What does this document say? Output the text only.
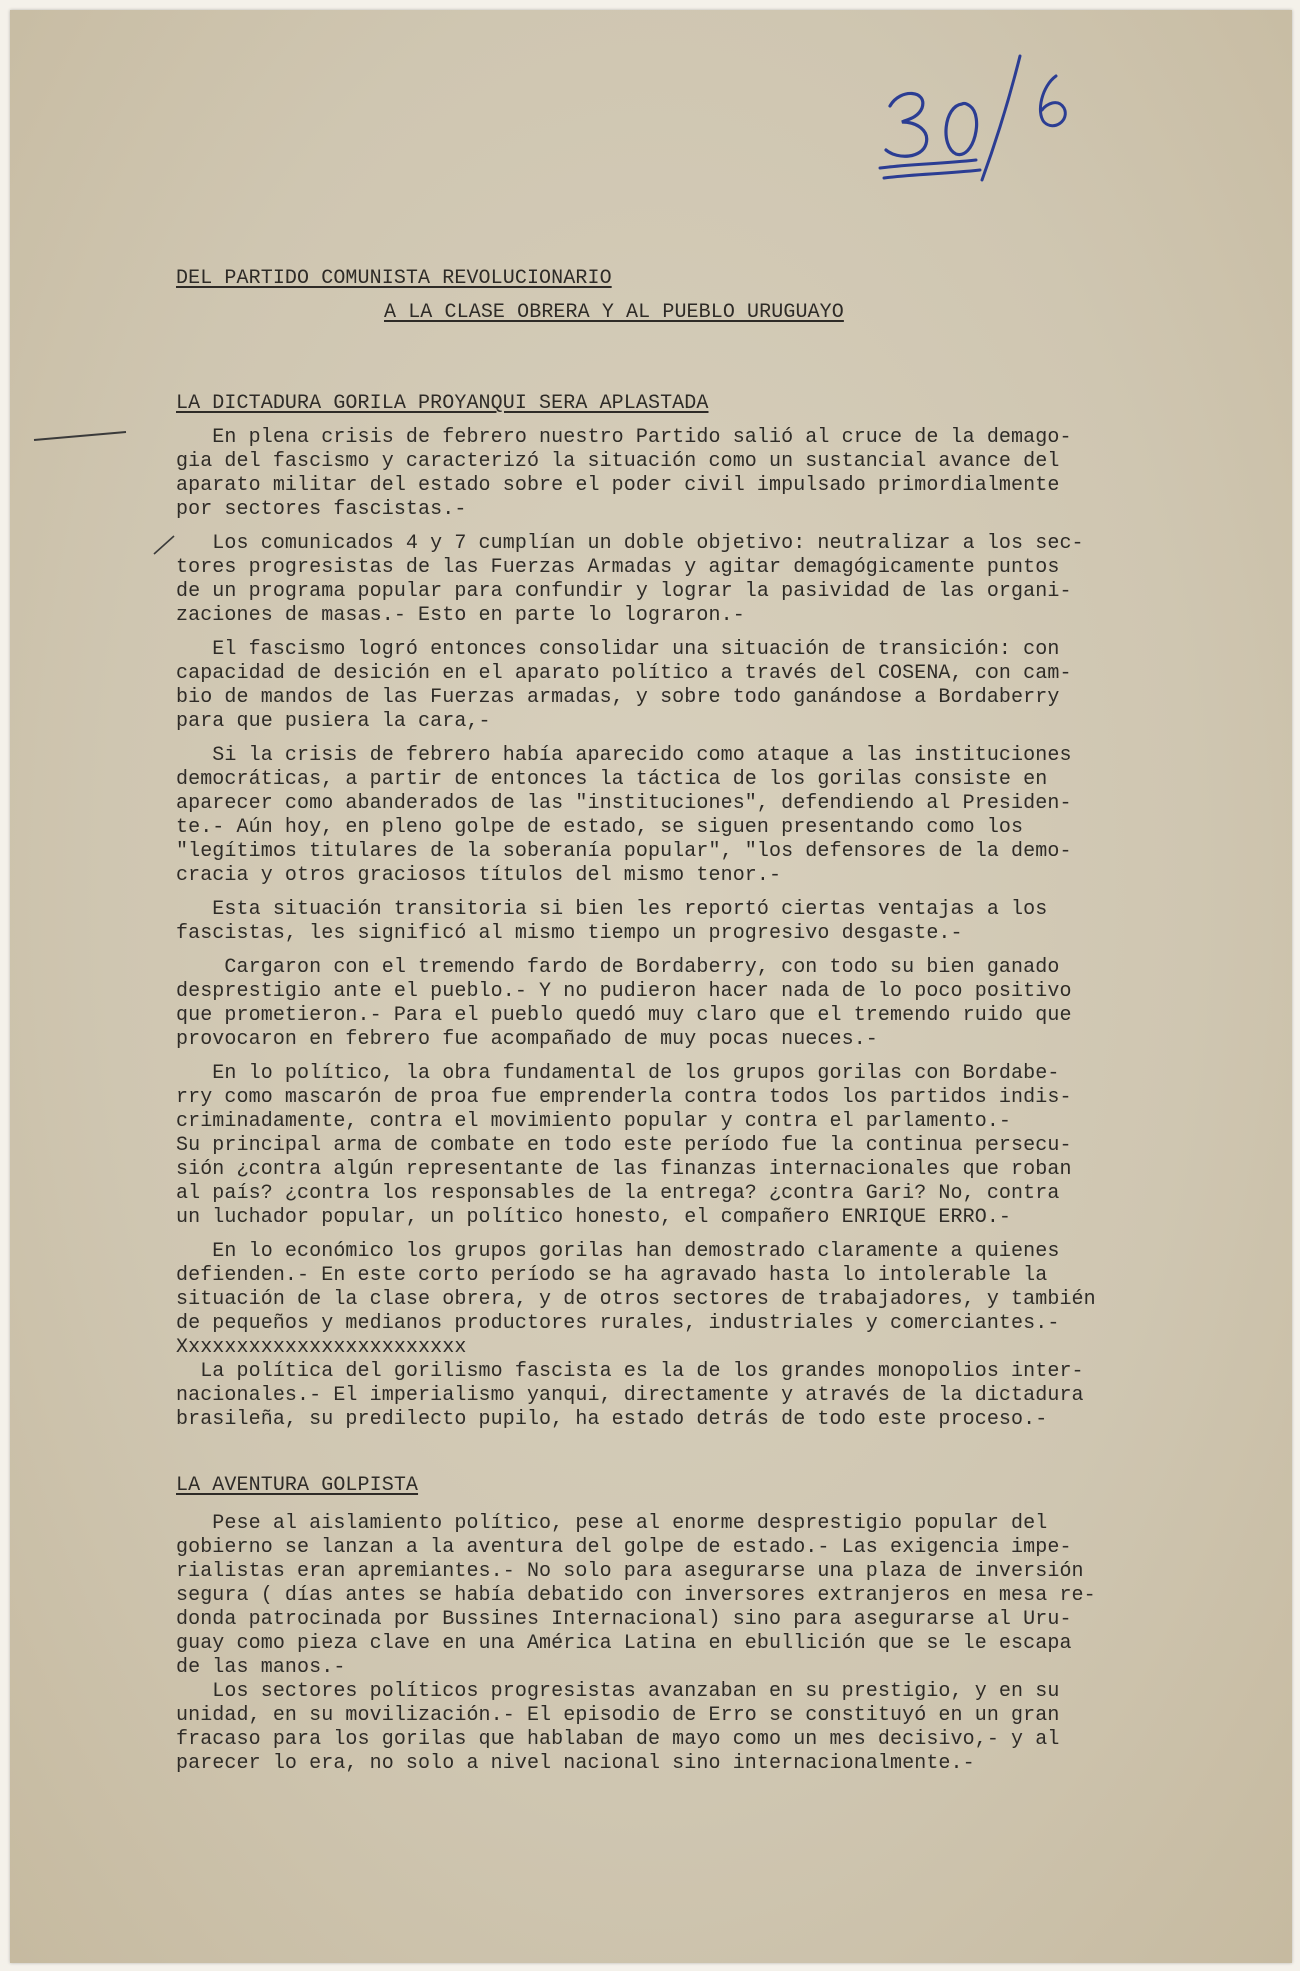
DEL PARTIDO COMUNISTA REVOLUCIONARIO

A LA CLASE OBRERA Y AL PUEBLO URUGUAYO

LA DICTADURA GORILA PROYANQUI SERA APLASTADA

En plena crisis de febrero nuestro Partido salió al cruce de la demago-
gia del fascismo y caracterizó la situación como un sustancial avance del
aparato militar del estado sobre el poder civil impulsado primordialmente
por sectores fascistas.-

Los comunicados 4 y 7 cumplían un doble objetivo: neutralizar a los sec-
tores progresistas de las Fuerzas Armadas y agitar demagógicamente puntos
de un programa popular para confundir y lograr la pasividad de las organi-
zaciones de masas.- Esto en parte lo lograron.-

El fascismo logró entonces consolidar una situación de transición: con
capacidad de desición en el aparato político a través del COSENA, con cam-
bio de mandos de las Fuerzas armadas, y sobre todo ganándose a Bordaberry
para que pusiera la cara,-

Si la crisis de febrero había aparecido como ataque a las instituciones
democráticas, a partir de entonces la táctica de los gorilas consiste en
aparecer como abanderados de las "instituciones", defendiendo al Presiden-
te.- Aún hoy, en pleno golpe de estado, se siguen presentando como los
"legítimos titulares de la soberanía popular", "los defensores de la demo-
cracia y otros graciosos títulos del mismo tenor.-

Esta situación transitoria si bien les reportó ciertas ventajas a los
fascistas, les significó al mismo tiempo un progresivo desgaste.-

Cargaron con el tremendo fardo de Bordaberry, con todo su bien ganado
desprestigio ante el pueblo.- Y no pudieron hacer nada de lo poco positivo
que prometieron.- Para el pueblo quedó muy claro que el tremendo ruido que
provocaron en febrero fue acompañado de muy pocas nueces.-

En lo político, la obra fundamental de los grupos gorilas con Bordabe-
rry como mascarón de proa fue emprenderla contra todos los partidos indis-
criminadamente, contra el movimiento popular y contra el parlamento.-
Su principal arma de combate en todo este período fue la continua persecu-
sión ¿contra algún representante de las finanzas internacionales que roban
al país? ¿contra los responsables de la entrega? ¿contra Gari? No, contra
un luchador popular, un político honesto, el compañero ENRIQUE ERRO.-

En lo económico los grupos gorilas han demostrado claramente a quienes
defienden.- En este corto período se ha agravado hasta lo intolerable la
situación de la clase obrera, y de otros sectores de trabajadores, y también
de pequeños y medianos productores rurales, industriales y comerciantes.-
Xxxxxxxxxxxxxxxxxxxxxxxx
La política del gorilismo fascista es la de los grandes monopolios inter-
nacionales.- El imperialismo yanqui, directamente y através de la dictadura
brasileña, su predilecto pupilo, ha estado detrás de todo este proceso.-

LA AVENTURA GOLPISTA

Pese al aislamiento político, pese al enorme desprestigio popular del
gobierno se lanzan a la aventura del golpe de estado.- Las exigencia impe-
rialistas eran apremiantes.- No solo para asegurarse una plaza de inversión
segura ( días antes se había debatido con inversores extranjeros en mesa re-
donda patrocinada por Bussines Internacional) sino para asegurarse al Uru-
guay como pieza clave en una América Latina en ebullición que se le escapa
de las manos.-
Los sectores políticos progresistas avanzaban en su prestigio, y en su
unidad, en su movilización.- El episodio de Erro se constituyó en un gran
fracaso para los gorilas que hablaban de mayo como un mes decisivo,- y al
parecer lo era, no solo a nivel nacional sino internacionalmente.-
